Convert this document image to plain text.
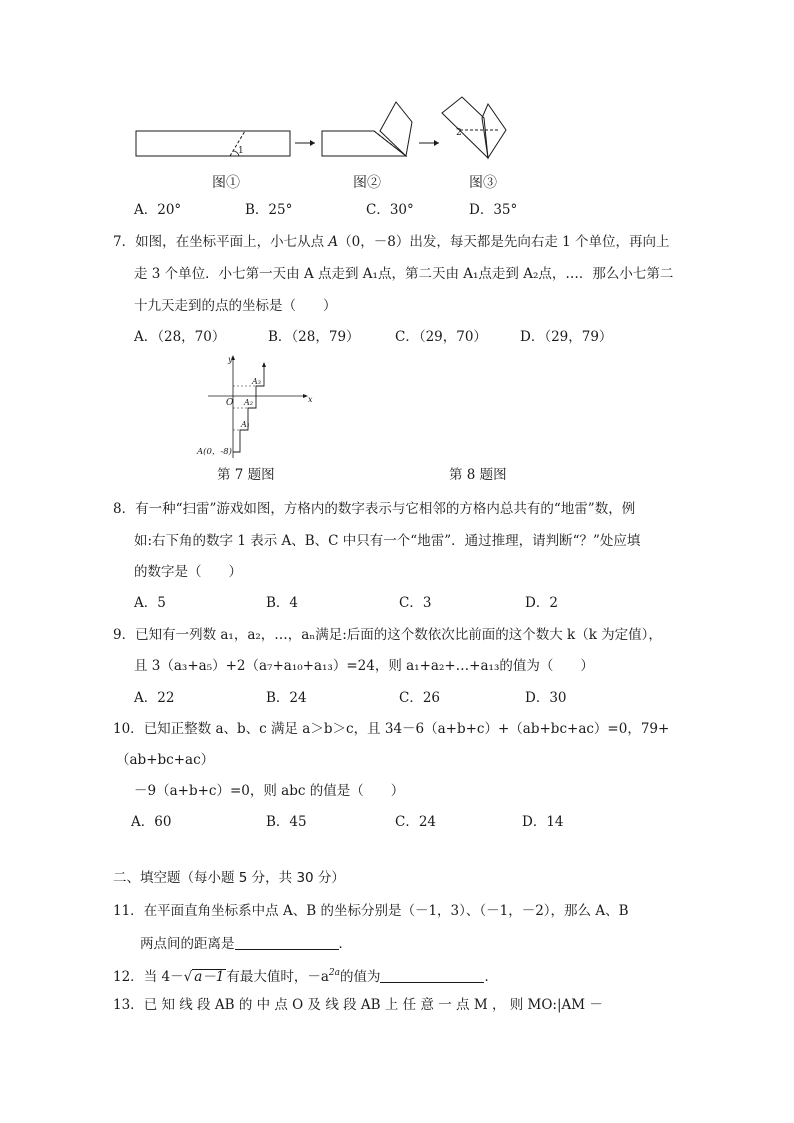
1
2
图①	图②	图③
A．20°	B．25°	C．30°	D．35°
7．如图，在坐标平面上，小七从点 A（0，－8）出发，每天都是先向右走 1 个单位，再向上
走 3 个单位．小七第一天由 A 点走到 A₁点，第二天由 A₁点走到 A₂点，…．那么小七第二
十九天走到的点的坐标是（　　）
A．（28，70）	B．（28，79）	C．（29，70） D．（29，79）
y
x
O
A₁
A₂
A₃
A(0，-8)
第 7 题图	第 8 题图
8．有一种“扫雷”游戏如图，方格内的数字表示与它相邻的方格内总共有的“地雷”数，例
如:右下角的数字 1 表示 A、B、C 中只有一个“地雷”．通过推理，请判断“？”处应填
的数字是（　　）
A．5	B．4	C．3	D．2
9．已知有一列数 a₁，a₂，…，aₙ满足:后面的这个数依次比前面的这个数大 k（k 为定值），
且 3（a₃+a₅）+2（a₇+a₁₀+a₁₃）=24，则 a₁+a₂+…+a₁₃的值为（　　）
A．22	B．24	C．26	D．30
10．已知正整数 a、b、c 满足 a＞b＞c，且 34－6（a+b+c）+（ab+bc+ac）=0，79+
（ab+bc+ac）
－9（a+b+c）=0，则 abc 的值是（　　）
A．60	B．45	C．24	D．14
二、填空题（每小题 5 分，共 30 分）
11．在平面直角坐标系中点 A、B 的坐标分别是（－1，3）、（－1，－2），那么 A、B
两点间的距离是	．
12．当 4－√ a－1 有最大值时，$-a^{2a}$的值为	．
13．已 知 线 段 AB 的 中 点 O 及 线 段 AB 上 任 意 一 点 M ， 则 MO:|AM －
